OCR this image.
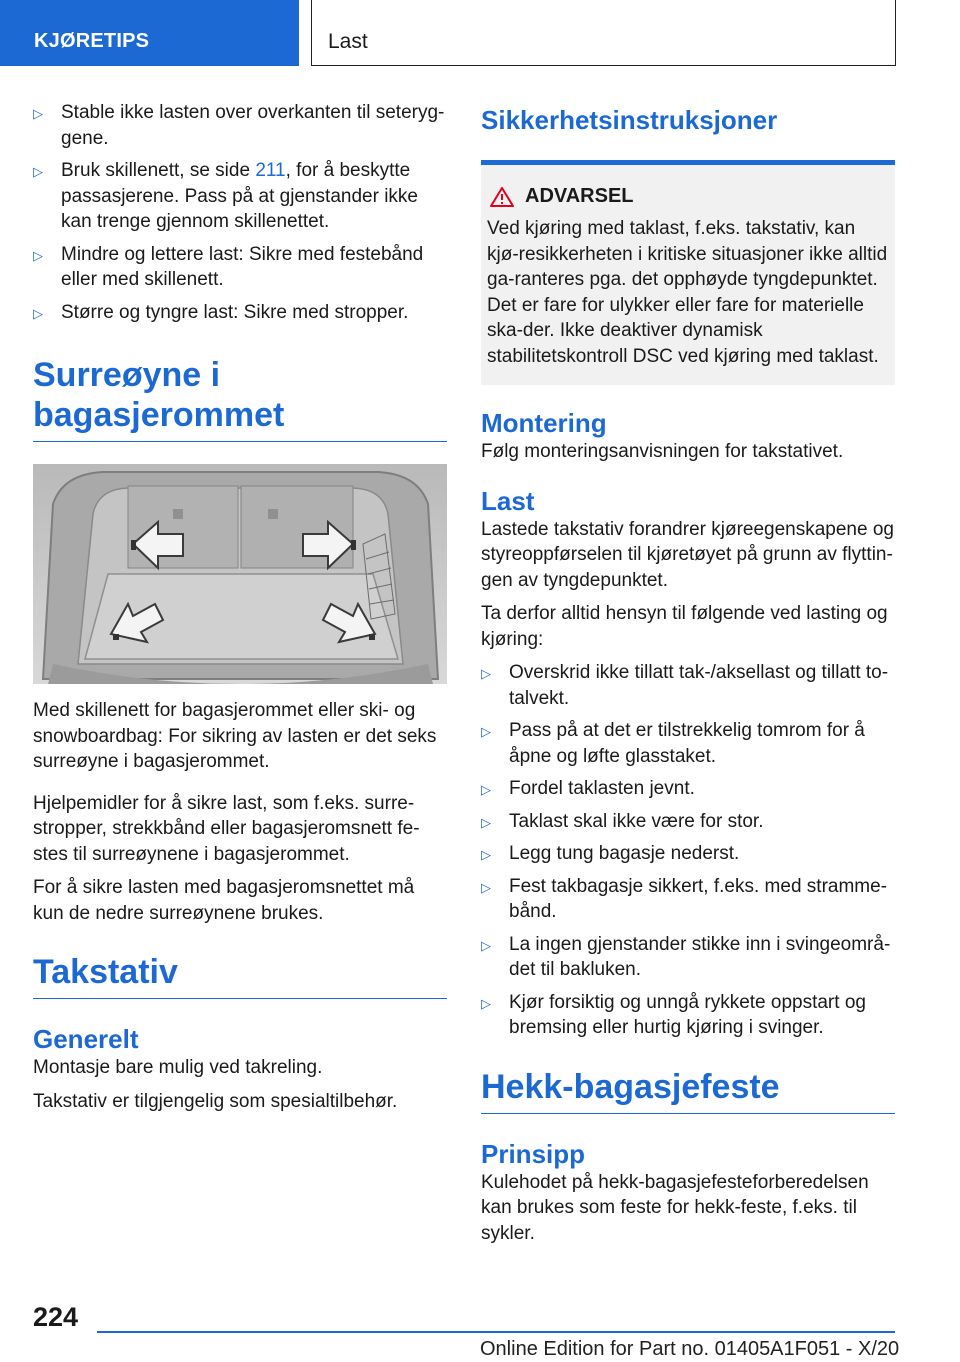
KJØRETIPS	Last
▷ Stable ikke lasten over overkanten til seteryg‐gene.
▷ Bruk skillenett, se side 211, for å beskytte passasjerene. Pass på at gjenstander ikke kan trenge gjennom skillenettet.
▷ Mindre og lettere last: Sikre med festebånd eller med skillenett.
▷ Større og tyngre last: Sikre med stropper.
Surreøyne i bagasjerommet
Med skillenett for bagasjerommet eller ski- og snowboardbag: For sikring av lasten er det seks surreøyne i bagasjerommet.
Hjelpemidler for å sikre last, som f.eks. surre‐stropper, strekkbånd eller bagasjeromsnett fe‐stes til surreøynene i bagasjerommet.
For å sikre lasten med bagasjeromsnettet må kun de nedre surreøynene brukes.
Takstativ
Generelt
Montasje bare mulig ved takreling.
Takstativ er tilgjengelig som spesialtilbehør.
Sikkerhetsinstruksjoner
ADVARSEL
Ved kjøring med taklast, f.eks. takstativ, kan kjø‐resikkerheten i kritiske situasjoner ikke alltid ga‐ranteres pga. det opphøyde tyngdepunktet. Det er fare for ulykker eller fare for materielle ska‐der. Ikke deaktiver dynamisk stabilitetskontroll DSC ved kjøring med taklast.
Montering
Følg monteringsanvisningen for takstativet.
Last
Lastede takstativ forandrer kjøreegenskapene og styreoppførselen til kjøretøyet på grunn av flyttin‐gen av tyngdepunktet.
Ta derfor alltid hensyn til følgende ved lasting og kjøring:
▷ Overskrid ikke tillatt tak-/aksellast og tillatt to‐talvekt.
▷ Pass på at det er tilstrekkelig tomrom for å åpne og løfte glasstaket.
▷ Fordel taklasten jevnt.
▷ Taklast skal ikke være for stor.
▷ Legg tung bagasje nederst.
▷ Fest takbagasje sikkert, f.eks. med stramme‐bånd.
▷ La ingen gjenstander stikke inn i svingeområ‐det til bakluken.
▷ Kjør forsiktig og unngå rykkete oppstart og bremsing eller hurtig kjøring i svinger.
Hekk-bagasjefeste
Prinsipp
Kulehodet på hekk-bagasjefesteforberedelsen kan brukes som feste for hekk-feste, f.eks. til sykler.
224
Online Edition for Part no. 01405A1F051 - X/20
